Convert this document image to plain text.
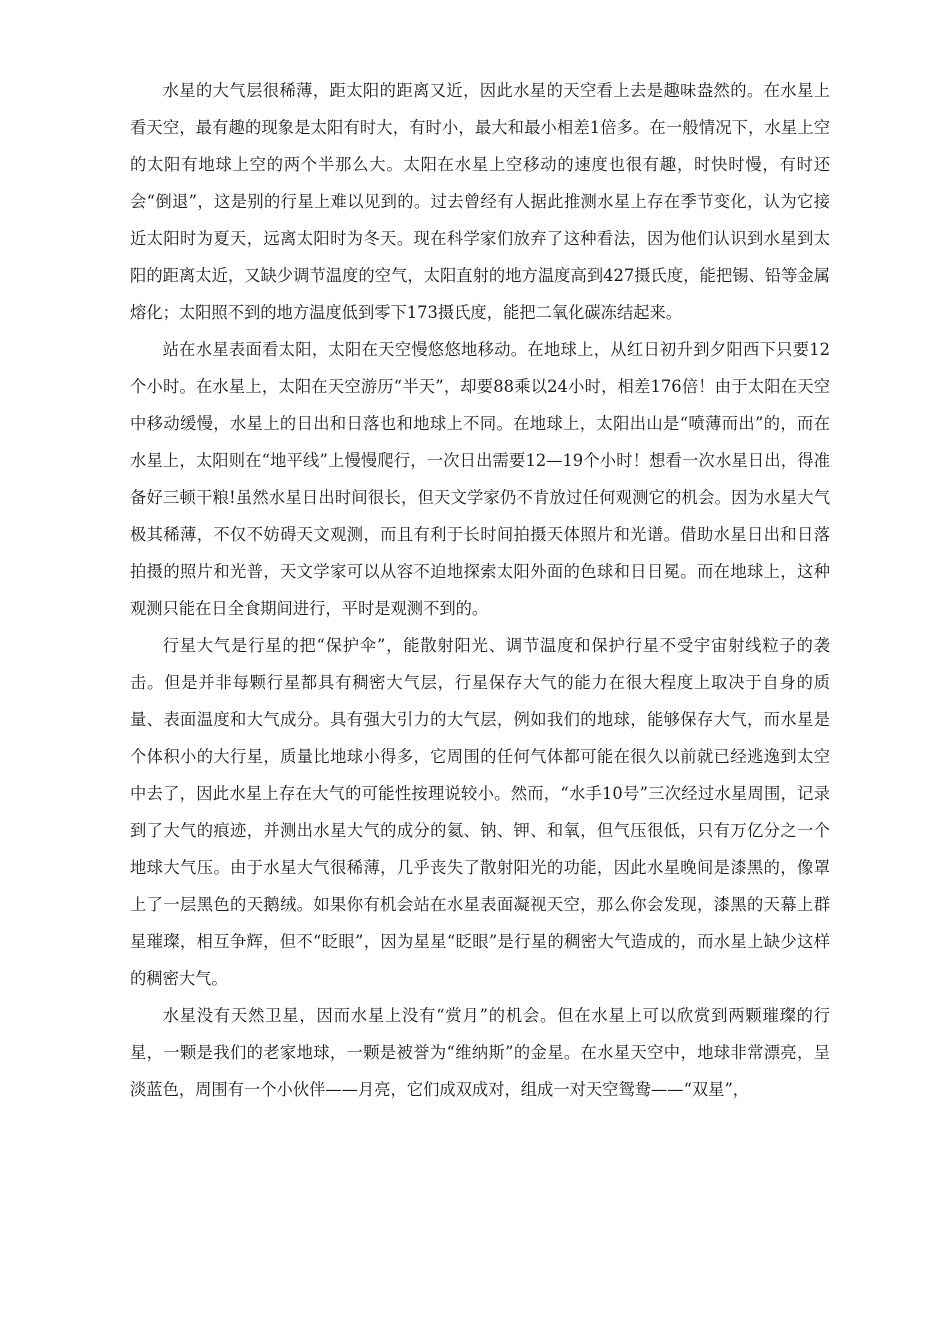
水星的大气层很稀薄，距太阳的距离又近，因此水星的天空看上去是趣味盎然的。在水星上看天空，最有趣的现象是太阳有时大，有时小，最大和最小相差1倍多。在一般情况下，水星上空的太阳有地球上空的两个半那么大。太阳在水星上空移动的速度也很有趣，时快时慢，有时还会“倒退”，这是别的行星上难以见到的。过去曾经有人据此推测水星上存在季节变化，认为它接近太阳时为夏天，远离太阳时为冬天。现在科学家们放弃了这种看法，因为他们认识到水星到太阳的距离太近，又缺少调节温度的空气，太阳直射的地方温度高到427摄氏度，能把锡、铅等金属熔化；太阳照不到的地方温度低到零下173摄氏度，能把二氧化碳冻结起来。

站在水星表面看太阳，太阳在天空慢悠悠地移动。在地球上，从红日初升到夕阳西下只要12个小时。在水星上，太阳在天空游历“半天”，却要88乘以24小时，相差176倍！由于太阳在天空中移动缓慢，水星上的日出和日落也和地球上不同。在地球上，太阳出山是“喷薄而出”的，而在水星上，太阳则在“地平线”上慢慢爬行，一次日出需要12—19个小时！想看一次水星日出，得准备好三顿干粮!虽然水星日出时间很长，但天文学家仍不肯放过任何观测它的机会。因为水星大气极其稀薄，不仅不妨碍天文观测，而且有利于长时间拍摄天体照片和光谱。借助水星日出和日落拍摄的照片和光普，天文学家可以从容不迫地探索太阳外面的色球和日日冕。而在地球上，这种观测只能在日全食期间进行，平时是观测不到的。

行星大气是行星的把“保护伞”，能散射阳光、调节温度和保护行星不受宇宙射线粒子的袭击。但是并非每颗行星都具有稠密大气层，行星保存大气的能力在很大程度上取决于自身的质量、表面温度和大气成分。具有强大引力的大气层，例如我们的地球，能够保存大气，而水星是个体积小的大行星，质量比地球小得多，它周围的任何气体都可能在很久以前就已经逃逸到太空中去了，因此水星上存在大气的可能性按理说较小。然而，“水手10号”三次经过水星周围，记录到了大气的痕迹，并测出水星大气的成分的氦、钠、钾、和氧，但气压很低，只有万亿分之一个地球大气压。由于水星大气很稀薄，几乎丧失了散射阳光的功能，因此水星晚间是漆黑的，像罩上了一层黑色的天鹅绒。如果你有机会站在水星表面凝视天空，那么你会发现，漆黑的天幕上群星璀璨，相互争辉，但不“眨眼”，因为星星“眨眼”是行星的稠密大气造成的，而水星上缺少这样的稠密大气。

水星没有天然卫星，因而水星上没有“赏月”的机会。但在水星上可以欣赏到两颗璀璨的行星，一颗是我们的老家地球，一颗是被誉为“维纳斯”的金星。在水星天空中，地球非常漂亮，呈淡蓝色，周围有一个小伙伴——月亮，它们成双成对，组成一对天空鸳鸯——“双星”，
